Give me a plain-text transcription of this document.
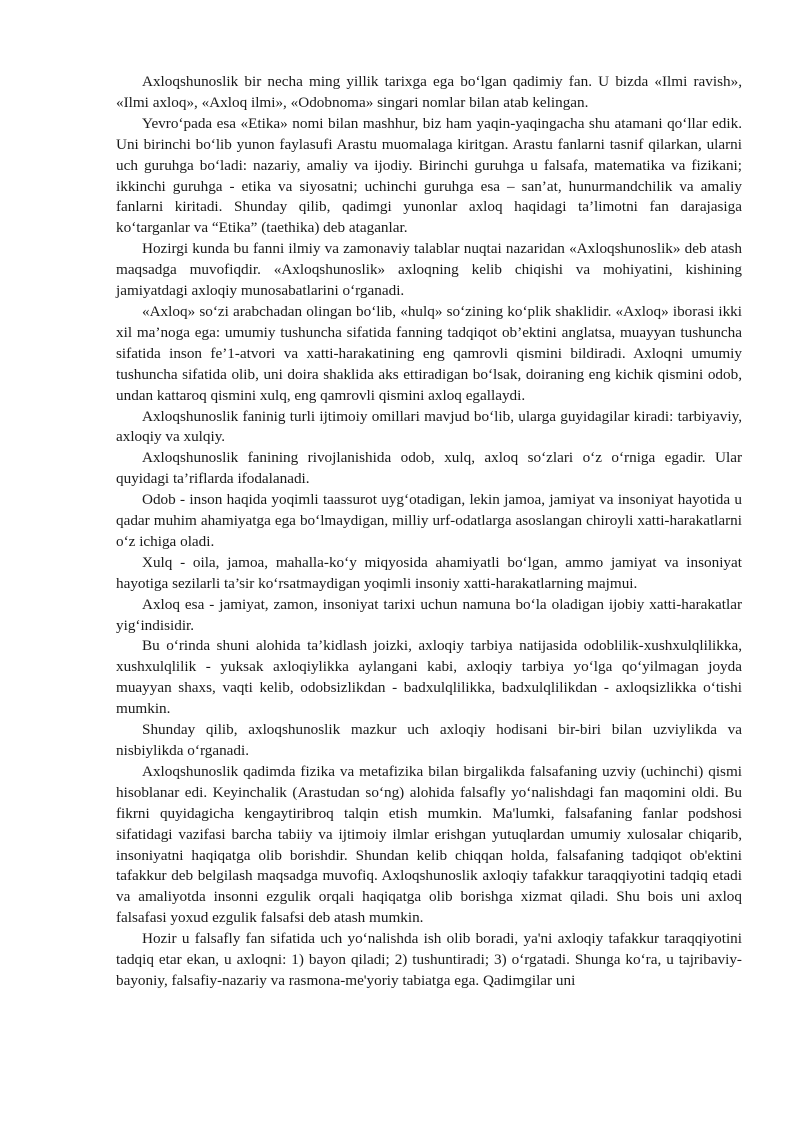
Axloqshunoslik bir necha ming yillik tarixga ega bo‘lgan qadimiy fan. U bizda «Ilmi ravish», «Ilmi axloq», «Axloq ilmi», «Odobnoma» singari nomlar bilan atab kelingan.

Yevro‘pada esa «Etika» nomi bilan mashhur, biz ham yaqin-yaqingacha shu atamani qo‘llar edik. Uni birinchi bo‘lib yunon faylasufi Arastu muomalaga kiritgan. Arastu fanlarni tasnif qilarkan, ularni uch guruhga bo‘ladi: nazariy, amaliy va ijodiy. Birinchi guruhga u falsafa, matematika va fizikani; ikkinchi guruhga - etika va siyosatni; uchinchi guruhga esa – san’at, hunurmandchilik va amaliy fanlarni kiritadi. Shunday qilib, qadimgi yunonlar axloq haqidagi ta’limotni fan darajasiga ko‘targanlar va “Etika” (taethika) deb ataganlar.

Hozirgi kunda bu fanni ilmiy va zamonaviy talablar nuqtai nazaridan «Axloqshunoslik» deb atash maqsadga muvofiqdir. «Axloqshunoslik» axloqning kelib chiqishi va mohiyatini, kishining jamiyatdagi axloqiy munosabatlarini o‘rganadi.

«Axloq» so‘zi arabchadan olingan bo‘lib, «hulq» so‘zining ko‘plik shaklidir. «Axloq» iborasi ikki xil ma’noga ega: umumiy tushuncha sifatida fanning tadqiqot ob’ektini anglatsa, muayyan tushuncha sifatida inson fe’1-atvori va xatti-harakatining eng qamrovli qismini bildiradi. Axloqni umumiy tushuncha sifatida olib, uni doira shaklida aks ettiradigan bo‘lsak, doiraning eng kichik qismini odob, undan kattaroq qismini xulq, eng qamrovli qismini axloq egallaydi.

Axloqshunoslik faninig turli ijtimoiy omillari mavjud bo‘lib, ularga guyidagilar kiradi: tarbiyaviy, axloqiy va xulqiy.

Axloqshunoslik fanining rivojlanishida odob, xulq, axloq so‘zlari o‘z o‘rniga egadir. Ular quyidagi ta’riflarda ifodalanadi.

Odob - inson haqida yoqimli taassurot uyg‘otadigan, lekin jamoa, jamiyat va insoniyat hayotida u qadar muhim ahamiyatga ega bo‘lmaydigan, milliy urf-odatlarga asoslangan chiroyli xatti-harakatlarni o‘z ichiga oladi.

Xulq - oila, jamoa, mahalla-ko‘y miqyosida ahamiyatli bo‘lgan, ammo jamiyat va insoniyat hayotiga sezilarli ta’sir ko‘rsatmaydigan yoqimli insoniy xatti-harakatlarning majmui.

Axloq esa - jamiyat, zamon, insoniyat tarixi uchun namuna bo‘la oladigan ijobiy xatti-harakatlar yig‘indisidir.

Bu o‘rinda shuni alohida ta’kidlash joizki, axloqiy tarbiya natijasida odoblilik-xushxulqlilikka, xushxulqlilik - yuksak axloqiylikka aylangani kabi, axloqiy tarbiya yo‘lga qo‘yilmagan joyda muayyan shaxs, vaqti kelib, odobsizlikdan - badxulqlilikka, badxulqlilikdan - axloqsizlikka o‘tishi mumkin.

Shunday qilib, axloqshunoslik mazkur uch axloqiy hodisani bir-biri bilan uzviylikda va nisbiylikda o‘rganadi.

Axloqshunoslik qadimda fizika va metafizika bilan birgalikda falsafaning uzviy (uchinchi) qismi hisoblanar edi. Keyinchalik (Arastudan so‘ng) alohida falsafly yo‘nalishdagi fan maqomini oldi. Bu fikrni quyidagicha kengaytiribroq talqin etish mumkin. Ma'lumki, falsafaning fanlar podshosi sifatidagi vazifasi barcha tabiiy va ijtimoiy ilmlar erishgan yutuqlardan umumiy xulosalar chiqarib, insoniyatni haqiqatga olib borishdir. Shundan kelib chiqqan holda, falsafaning tadqiqot ob'ektini tafakkur deb belgilash maqsadga muvofiq. Axloqshunoslik axloqiy tafakkur taraqqiyotini tadqiq etadi va amaliyotda insonni ezgulik orqali haqiqatga olib borishga xizmat qiladi. Shu bois uni axloq falsafasi yoxud ezgulik falsafsi deb atash mumkin.

Hozir u falsafly fan sifatida uch yo‘nalishda ish olib boradi, ya'ni axloqiy tafakkur taraqqiyotini tadqiq etar ekan, u axloqni: 1) bayon qiladi; 2) tushuntiradi; 3) o‘rgatadi. Shunga ko‘ra, u tajribaviy-bayoniy, falsafiy-nazariy va rasmona-me'yoriy tabiatga ega. Qadimgilar uni
